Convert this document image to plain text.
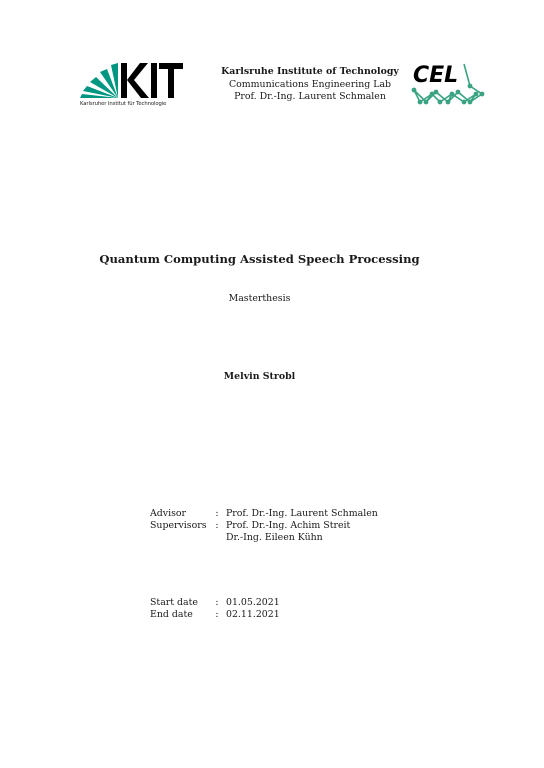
Karlsruher Institut für Technologie
Karlsruhe Institute of Technology
Communications Engineering Lab
Prof. Dr.-Ing. Laurent Schmalen
CEL
Quantum Computing Assisted Speech Processing
Masterthesis
Melvin Strobl
Advisor	: Prof. Dr.-Ing. Laurent Schmalen
Supervisors : Prof. Dr.-Ing. Achim Streit
Dr.-Ing. Eileen Kühn
Start date	: 01.05.2021
End date	: 02.11.2021
